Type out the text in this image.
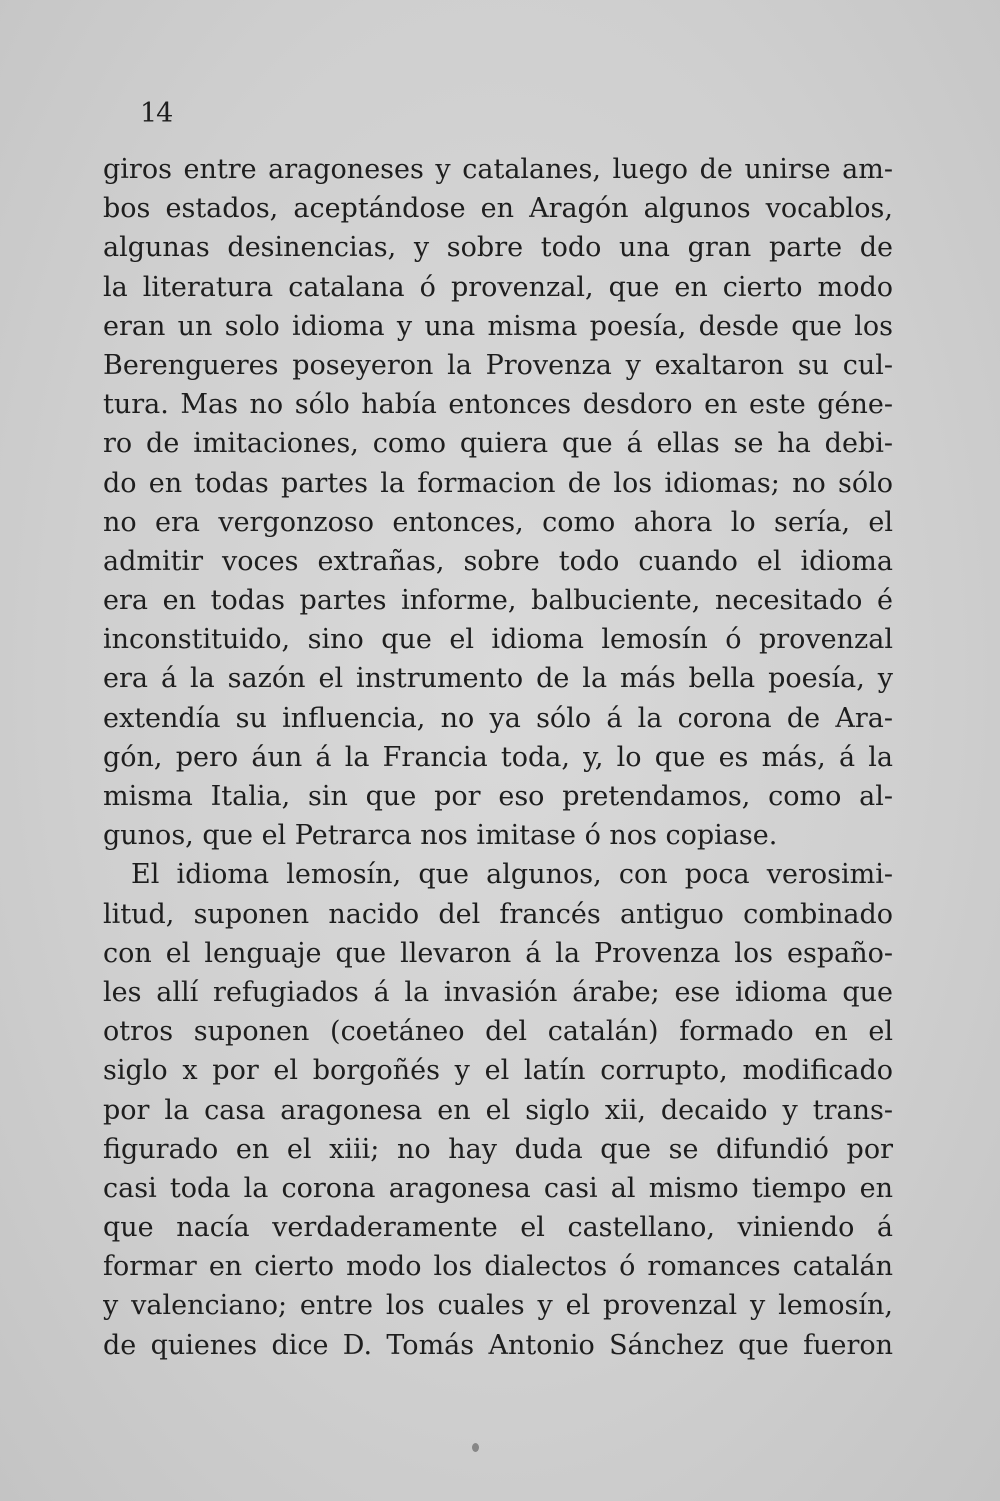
14
giros entre aragoneses y catalanes, luego de unirse am-
bos estados, aceptándose en Aragón algunos vocablos,
algunas desinencias, y sobre todo una gran parte de
la literatura catalana ó provenzal, que en cierto modo
eran un solo idioma y una misma poesía, desde que los
Berengueres poseyeron la Provenza y exaltaron su cul-
tura. Mas no sólo había entonces desdoro en este géne-
ro de imitaciones, como quiera que á ellas se ha debi-
do en todas partes la formacion de los idiomas; no sólo
no era vergonzoso entonces, como ahora lo sería, el
admitir voces extrañas, sobre todo cuando el idioma
era en todas partes informe, balbuciente, necesitado é
inconstituido, sino que el idioma lemosín ó provenzal
era á la sazón el instrumento de la más bella poesía, y
extendía su influencia, no ya sólo á la corona de Ara-
gón, pero áun á la Francia toda, y, lo que es más, á la
misma Italia, sin que por eso pretendamos, como al-
gunos, que el Petrarca nos imitase ó nos copiase.
El idioma lemosín, que algunos, con poca verosimi-
litud, suponen nacido del francés antiguo combinado
con el lenguaje que llevaron á la Provenza los españo-
les allí refugiados á la invasión árabe; ese idioma que
otros suponen (coetáneo del catalán) formado en el
siglo x por el borgoñés y el latín corrupto, modificado
por la casa aragonesa en el siglo xii, decaido y trans-
figurado en el xiii; no hay duda que se difundió por
casi toda la corona aragonesa casi al mismo tiempo en
que nacía verdaderamente el castellano, viniendo á
formar en cierto modo los dialectos ó romances catalán
y valenciano; entre los cuales y el provenzal y lemosín,
de quienes dice D. Tomás Antonio Sánchez que fueron
